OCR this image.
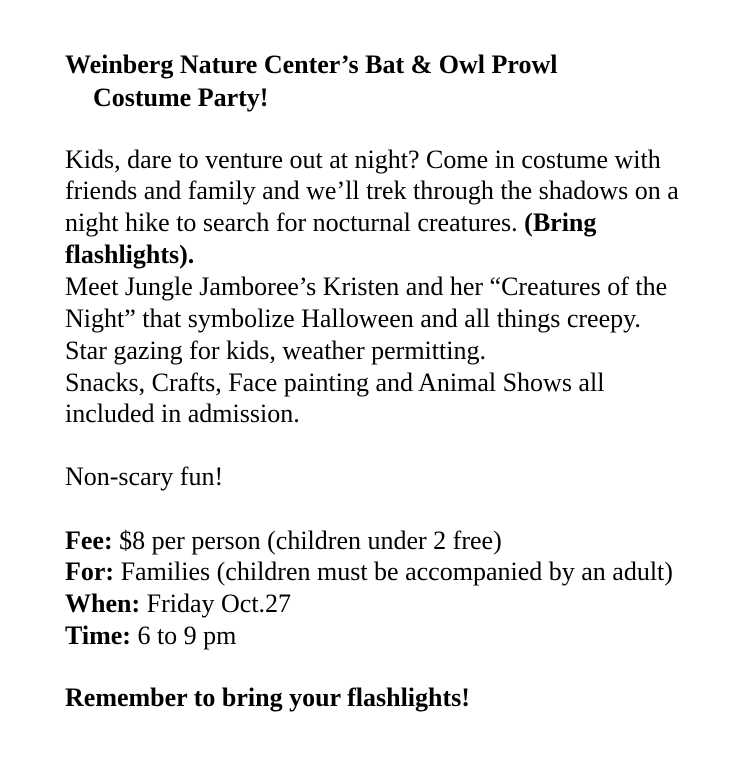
Weinberg Nature Center’s Bat & Owl Prowl
Costume Party!
Kids, dare to venture out at night? Come in costume with
friends and family and we’ll trek through the shadows on a
night hike to search for nocturnal creatures. (Bring
flashlights).
Meet Jungle Jamboree’s Kristen and her “Creatures of the
Night” that symbolize Halloween and all things creepy.
Star gazing for kids, weather permitting.
Snacks, Crafts, Face painting and Animal Shows all
included in admission.
Non-scary fun!
Fee: $8 per person (children under 2 free)
For: Families (children must be accompanied by an adult)
When: Friday Oct.27
Time: 6 to 9 pm
Remember to bring your flashlights!
